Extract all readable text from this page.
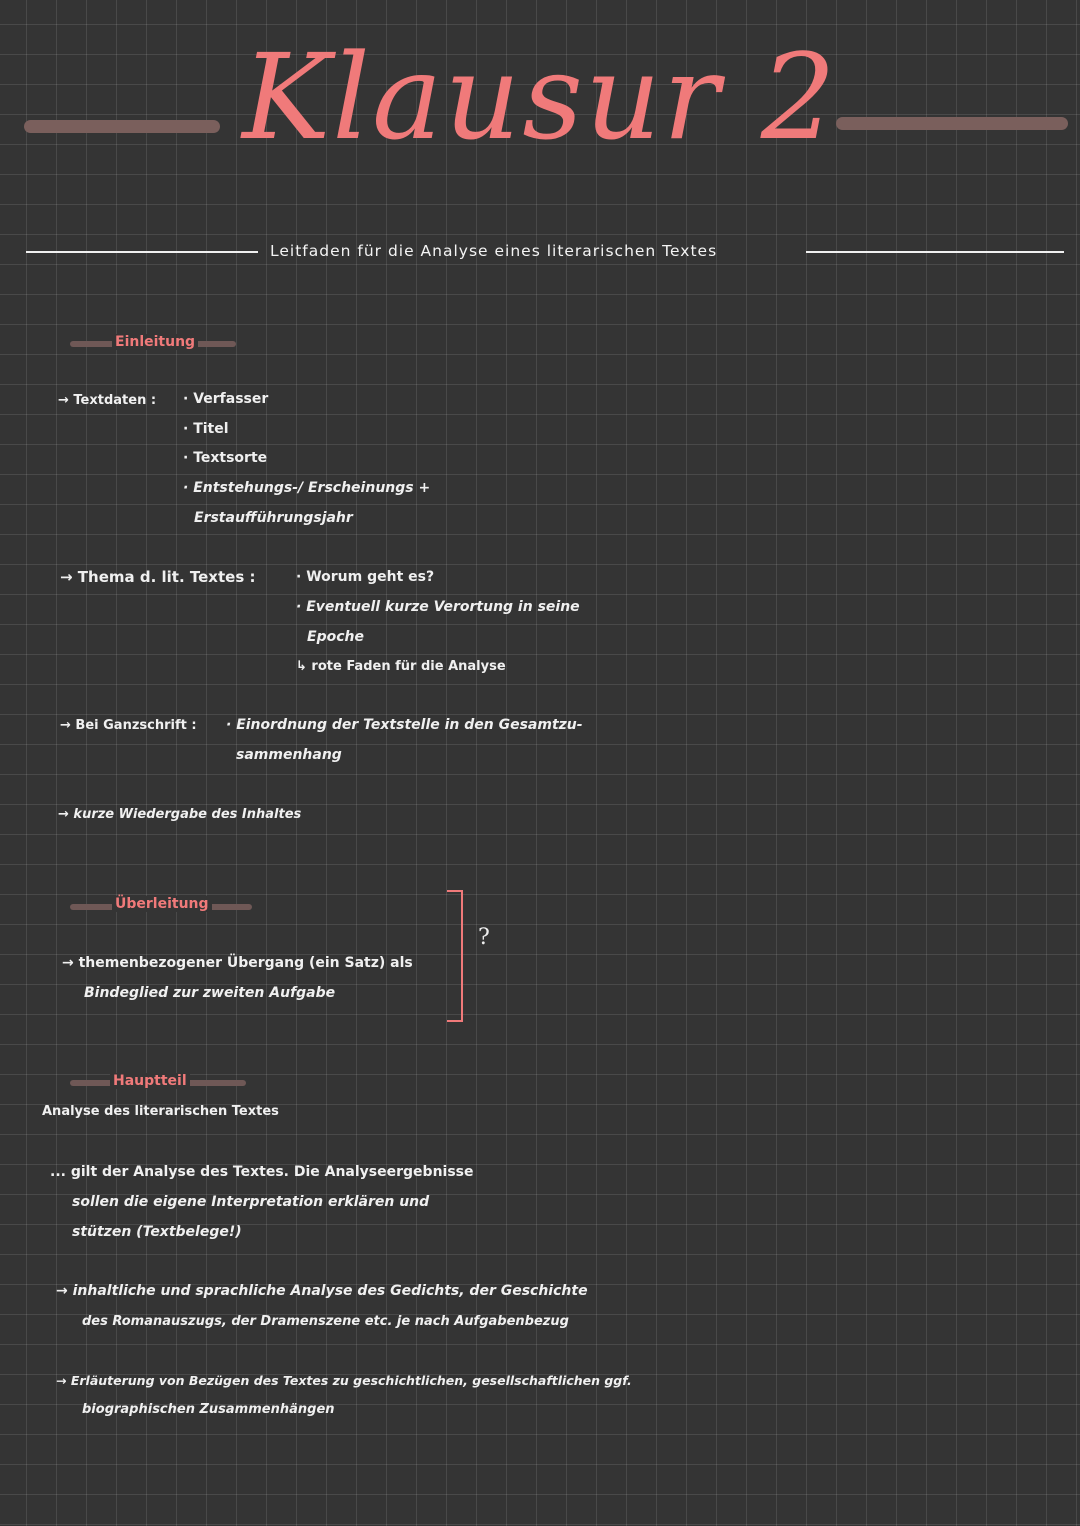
Klausur 2
Leitfaden für die Analyse eines literarischen Textes
Einleitung
→ Textdaten : · Verfasser
· Titel
· Textsorte
· Entstehungs-/ Erscheinungs +
Erstaufführungsjahr
→ Thema d. lit. Textes :	· Worum geht es?
· Eventuell kurze Verortung in seine
Epoche
↳ rote Faden für die Analyse
→ Bei Ganzschrift : · Einordnung der Textstelle in den Gesamtzu-
sammenhang
→ kurze Wiedergabe des Inhaltes
Überleitung
→ themenbezogener Übergang (ein Satz) als
Bindeglied zur zweiten Aufgabe
?
Hauptteil
Analyse des literarischen Textes
... gilt der Analyse des Textes. Die Analyseergebnisse
sollen die eigene Interpretation erklären und
stützen (Textbelege!)
→ inhaltliche und sprachliche Analyse des Gedichts, der Geschichte
des Romanauszugs, der Dramenszene etc. je nach Aufgabenbezug
→ Erläuterung von Bezügen des Textes zu geschichtlichen, gesellschaftlichen ggf.
biographischen Zusammenhängen
